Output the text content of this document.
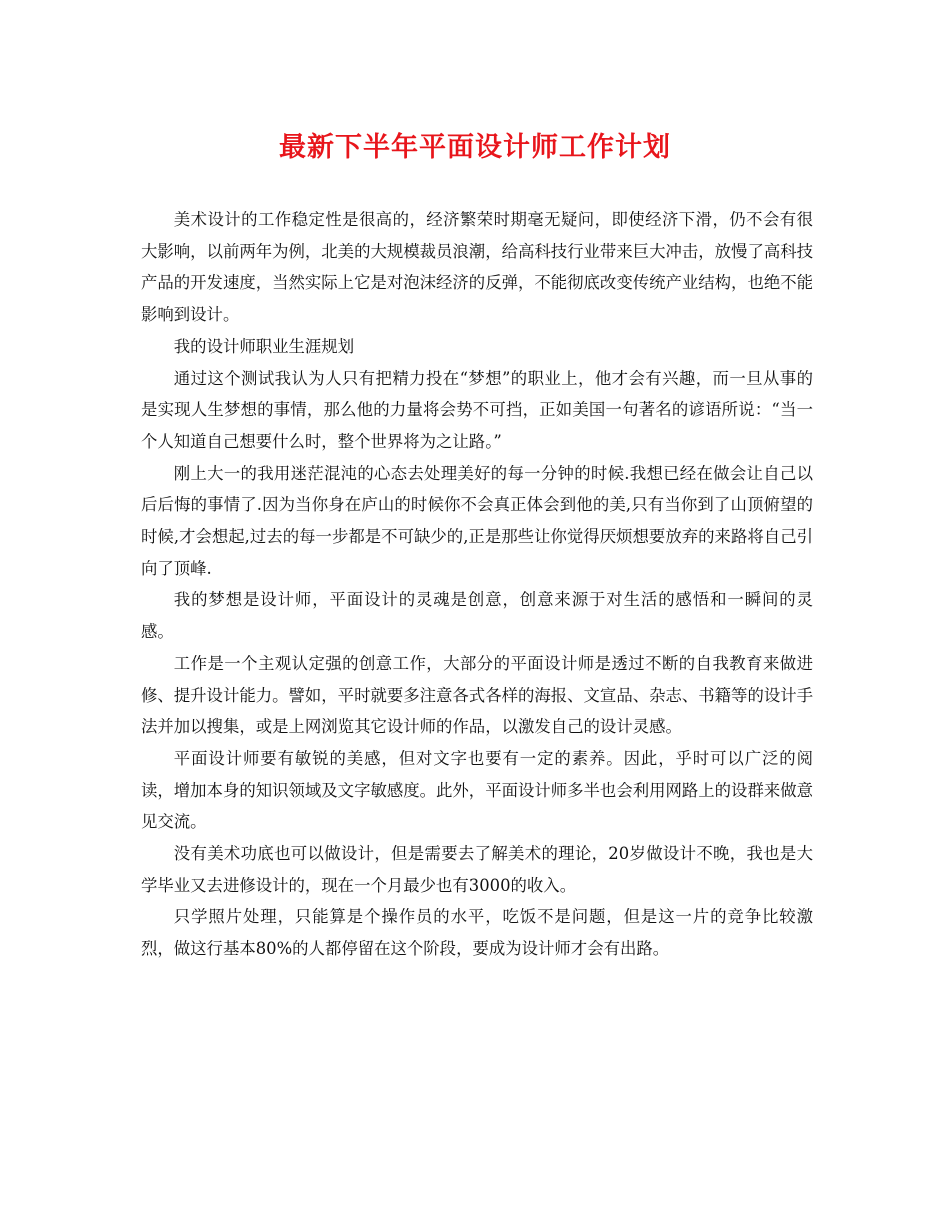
最新下半年平面设计师工作计划

美术设计的工作稳定性是很高的，经济繁荣时期毫无疑问，即使经济下滑，仍不会有很大影响，以前两年为例，北美的大规模裁员浪潮，给高科技行业带来巨大冲击，放慢了高科技产品的开发速度，当然实际上它是对泡沫经济的反弹，不能彻底改变传统产业结构，也绝不能影响到设计。

我的设计师职业生涯规划

通过这个测试我认为人只有把精力投在“梦想”的职业上，他才会有兴趣，而一旦从事的是实现人生梦想的事情，那么他的力量将会势不可挡，正如美国一句著名的谚语所说：“当一个人知道自己想要什么时，整个世界将为之让路。”

刚上大一的我用迷茫混沌的心态去处理美好的每一分钟的时候.我想已经在做会让自己以后后悔的事情了.因为当你身在庐山的时候你不会真正体会到他的美,只有当你到了山顶俯望的时候,才会想起,过去的每一步都是不可缺少的,正是那些让你觉得厌烦想要放弃的来路将自己引向了顶峰.

我的梦想是设计师，平面设计的灵魂是创意，创意来源于对生活的感悟和一瞬间的灵感。

工作是一个主观认定强的创意工作，大部分的平面设计师是透过不断的自我教育来做进修、提升设计能力。譬如，平时就要多注意各式各样的海报、文宣品、杂志、书籍等的设计手法并加以搜集，或是上网浏览其它设计师的作品，以激发自己的设计灵感。

平面设计师要有敏锐的美感，但对文字也要有一定的素养。因此，乎时可以广泛的阅读，增加本身的知识领域及文字敏感度。此外，平面设计师多半也会利用网路上的设群来做意见交流。

没有美术功底也可以做设计，但是需要去了解美术的理论，20岁做设计不晚，我也是大学毕业又去进修设计的，现在一个月最少也有3000的收入。

只学照片处理，只能算是个操作员的水平，吃饭不是问题，但是这一片的竞争比较激烈，做这行基本80%的人都停留在这个阶段，要成为设计师才会有出路。
